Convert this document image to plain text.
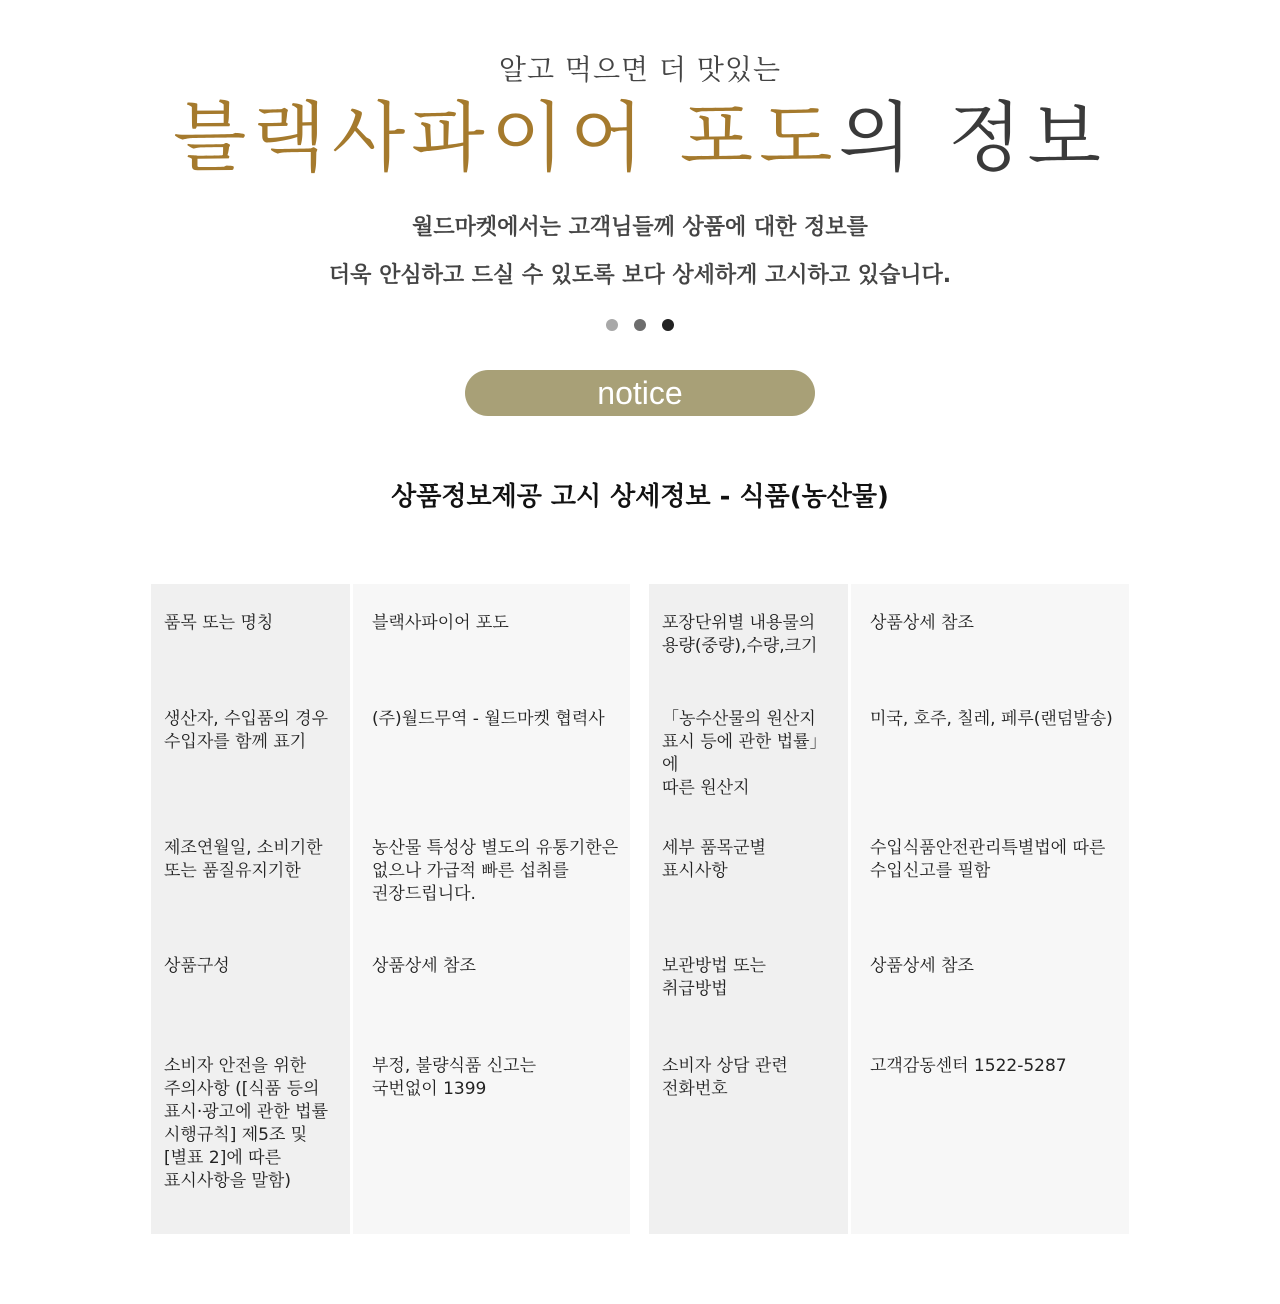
알고 먹으면 더 맛있는
블랙사파이어 포도의 정보
월드마켓에서는 고객님들께 상품에 대한 정보를
더욱 안심하고 드실 수 있도록 보다 상세하게 고시하고 있습니다.
notice
상품정보제공 고시 상세정보 - 식품(농산물)
품목 또는 명칭
생산자, 수입품의 경우
수입자를 함께 표기
제조연월일, 소비기한
또는 품질유지기한
상품구성
소비자 안전을 위한
주의사항 ([식품 등의
표시·광고에 관한 법률
시행규칙] 제5조 및
[별표 2]에 따른
표시사항을 말함)
블랙사파이어 포도
(주)월드무역 - 월드마켓 협력사
농산물 특성상 별도의 유통기한은
없으나 가급적 빠른 섭취를
권장드립니다.
상품상세 참조
부정, 불량식품 신고는
국번없이 1399
포장단위별 내용물의
용량(중량),수량,크기
「농수산물의 원산지
표시 등에 관한 법률」에
따른 원산지
세부 품목군별
표시사항
보관방법 또는
취급방법
소비자 상담 관련
전화번호
상품상세 참조
미국, 호주, 칠레, 페루(랜덤발송)
수입식품안전관리특별법에 따른
수입신고를 필함
상품상세 참조
고객감동센터 1522-5287
